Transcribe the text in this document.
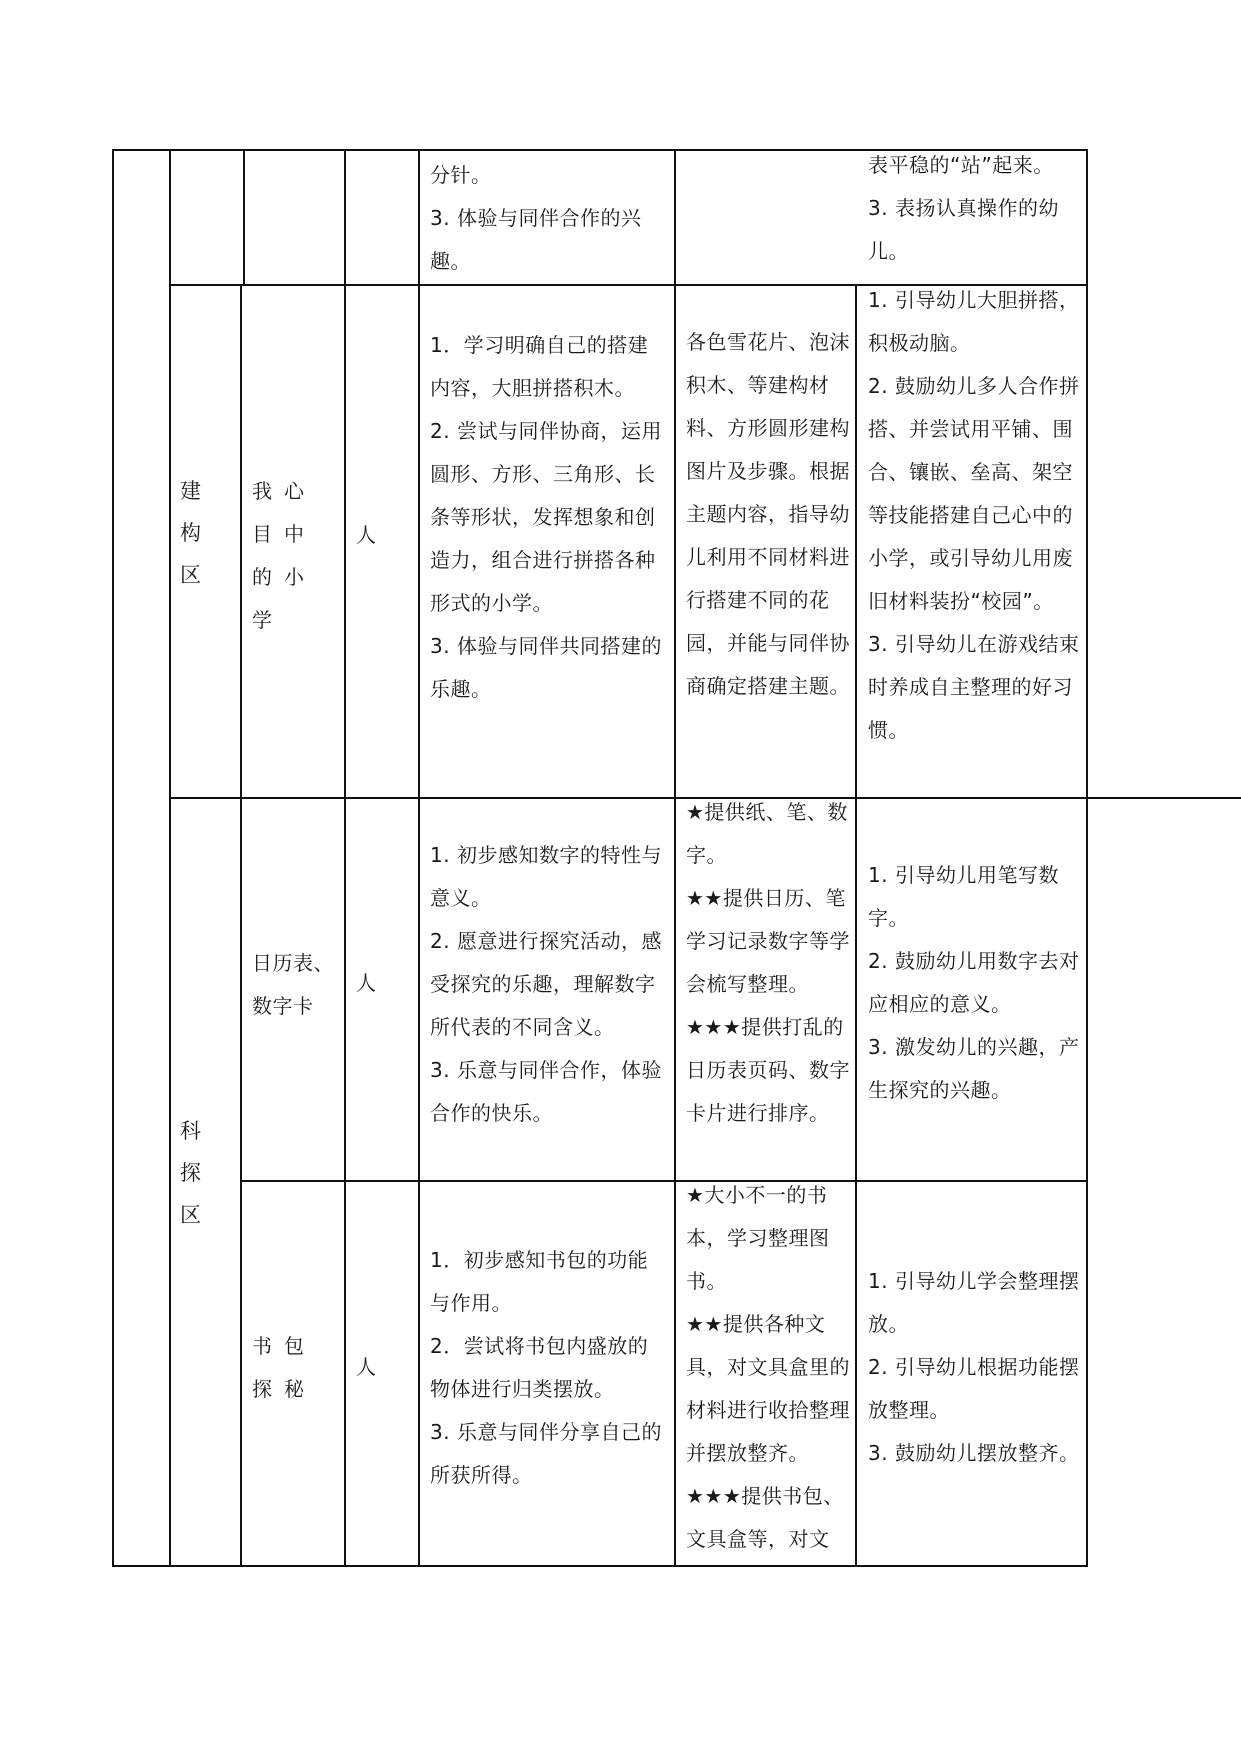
分针。

3. 体验与同伴合作的兴趣。

表平稳的“站”起来。

3. 表扬认真操作的幼儿。

建构区
我心目中的小学
人

1．学习明确自己的搭建内容，大胆拼搭积木。

2. 尝试与同伴协商，运用圆形、方形、三角形、长条等形状，发挥想象和创造力，组合进行拼搭各种形式的小学。

3. 体验与同伴共同搭建的乐趣。

各色雪花片、泡沫积木、等建构材料、方形圆形建构图片及步骤。根据主题内容，指导幼儿利用不同材料进行搭建不同的花园，并能与同伴协商确定搭建主题。

1. 引导幼儿大胆拼搭，积极动脑。

2. 鼓励幼儿多人合作拼搭、并尝试用平铺、围合、镶嵌、垒高、架空等技能搭建自己心中的小学，或引导幼儿用废旧材料装扮“校园”。

3. 引导幼儿在游戏结束时养成自主整理的好习惯。

科探区
日历表、数字卡
人

1. 初步感知数字的特性与意义。

2. 愿意进行探究活动，感受探究的乐趣，理解数字所代表的不同含义。

3. 乐意与同伴合作，体验合作的快乐。

★提供纸、笔、数字。

★★提供日历、笔学习记录数字等学会梳写整理。

★★★提供打乱的日历表页码、数字卡片进行排序。

1. 引导幼儿用笔写数字。

2. 鼓励幼儿用数字去对应相应的意义。

3. 激发幼儿的兴趣，产生探究的兴趣。

书包探秘
人

1．初步感知书包的功能与作用。

2．尝试将书包内盛放的物体进行归类摆放。

3. 乐意与同伴分享自己的所获所得。

★大小不一的书本，学习整理图书。

★★提供各种文具，对文具盒里的材料进行收拾整理并摆放整齐。

★★★提供书包、文具盒等，对文

1. 引导幼儿学会整理摆放。

2. 引导幼儿根据功能摆放整理。

3. 鼓励幼儿摆放整齐。
